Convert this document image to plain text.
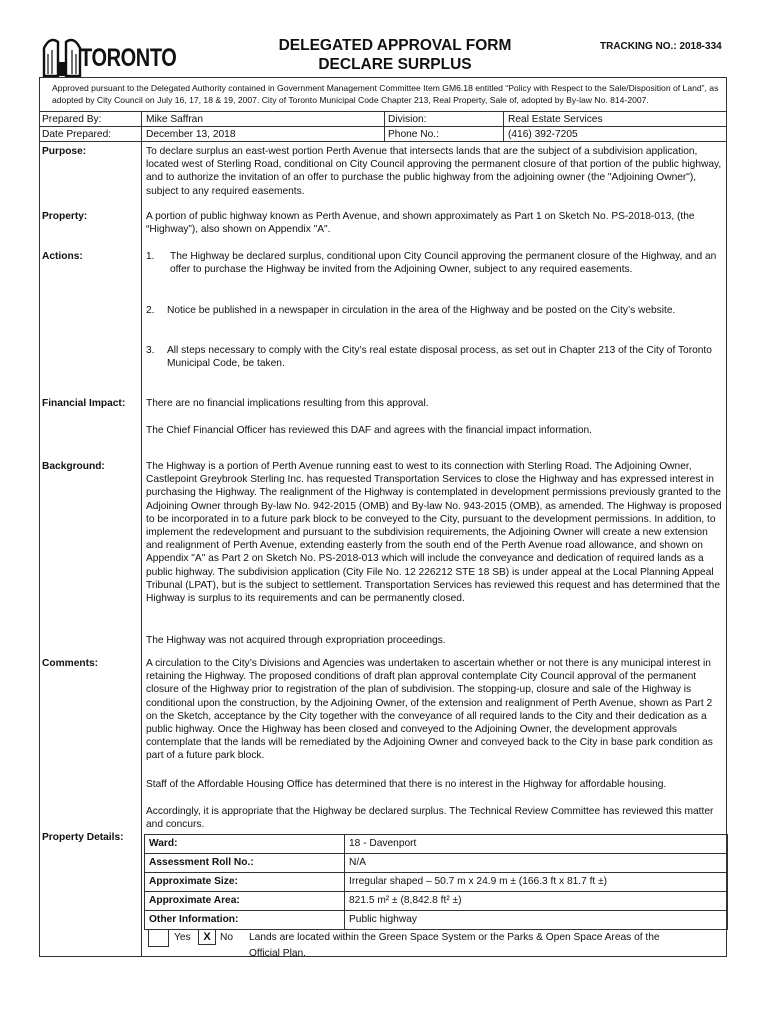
TORONTO	DELEGATED APPROVAL FORM
DECLARE SURPLUS
TRACKING NO.: 2018-334
Approved pursuant to the Delegated Authority contained in Government Management Committee Item GM6.18 entitled “Policy with Respect to the Sale/Disposition of Land”, as adopted by City Council on July 16, 17, 18 & 19, 2007. City of Toronto Municipal Code Chapter 213, Real Property, Sale of, adopted by By-law No. 814-2007.
Prepared By:	Mike Saffran	Division:	Real Estate Services
Date Prepared:	December 13, 2018	Phone No.:	(416) 392-7205
Purpose:	To declare surplus an east-west portion Perth Avenue that intersects lands that are the subject of a subdivision application, located west of Sterling Road, conditional on City Council approving the permanent closure of that portion of the public highway, and to authorize the invitation of an offer to purchase the public highway from the adjoining owner (the "Adjoining Owner"), subject to any required easements.
Property:	A portion of public highway known as Perth Avenue, and shown approximately as Part 1 on Sketch No. PS-2018-013, (the “Highway”), also shown on Appendix "A".
Actions:	1. The Highway be declared surplus, conditional upon City Council approving the permanent closure of the Highway, and an offer to purchase the Highway be invited from the Adjoining Owner, subject to any required easements.
2. Notice be published in a newspaper in circulation in the area of the Highway and be posted on the City’s website.
3. All steps necessary to comply with the City’s real estate disposal process, as set out in Chapter 213 of the City of Toronto Municipal Code, be taken.
Financial Impact: There are no financial implications resulting from this approval.
The Chief Financial Officer has reviewed this DAF and agrees with the financial impact information.
Background:	The Highway is a portion of Perth Avenue running east to west to its connection with Sterling Road. The Adjoining Owner, Castlepoint Greybrook Sterling Inc. has requested Transportation Services to close the Highway and has expressed interest in purchasing the Highway. The realignment of the Highway is contemplated in development permissions previously granted to the Adjoining Owner through By-law No. 942-2015 (OMB) and By-law No. 943-2015 (OMB), as amended. The Highway is proposed to be incorporated in to a future park block to be conveyed to the City, pursuant to the development permissions. In addition, to implement the redevelopment and pursuant to the subdivision requirements, the Adjoining Owner will create a new extension and realignment of Perth Avenue, extending easterly from the south end of the Perth Avenue road allowance, and shown on Appendix "A" as Part 2 on Sketch No. PS-2018-013 which will include the conveyance and dedication of required lands as a public highway. The subdivision application (City File No. 12 226212 STE 18 SB) is under appeal at the Local Planning Appeal Tribunal (LPAT), but is the subject to settlement. Transportation Services has reviewed this request and has determined that the Highway is surplus to its requirements and can be permanently closed.
The Highway was not acquired through expropriation proceedings.
Comments:	A circulation to the City’s Divisions and Agencies was undertaken to ascertain whether or not there is any municipal interest in retaining the Highway. The proposed conditions of draft plan approval contemplate City Council approval of the permanent closure of the Highway prior to registration of the plan of subdivision. The stopping-up, closure and sale of the Highway is conditional upon the construction, by the Adjoining Owner, of the extension and realignment of Perth Avenue, shown as Part 2 on the Sketch, acceptance by the City together with the conveyance of all required lands to the City and their dedication as a public highway. Once the Highway has been closed and conveyed to the Adjoining Owner, the development approvals contemplate that the lands will be remediated by the Adjoining Owner and conveyed back to the City in base park condition as part of a future park block.
Staff of the Affordable Housing Office has determined that there is no interest in the Highway for affordable housing.
Accordingly, it is appropriate that the Highway be declared surplus. The Technical Review Committee has reviewed this matter and concurs.
Property Details:
Ward:	18 - Davenport
Assessment Roll No.:	N/A
Approximate Size:	Irregular shaped – 50.7 m x 24.9 m ± (166.3 ft x 81.7 ft ±)
Approximate Area:	821.5 m² ± (8,842.8 ft² ±)
Other Information:	Public highway
Yes	X No Lands are located within the Green Space System or the Parks & Open Space Areas of the
Official Plan.
